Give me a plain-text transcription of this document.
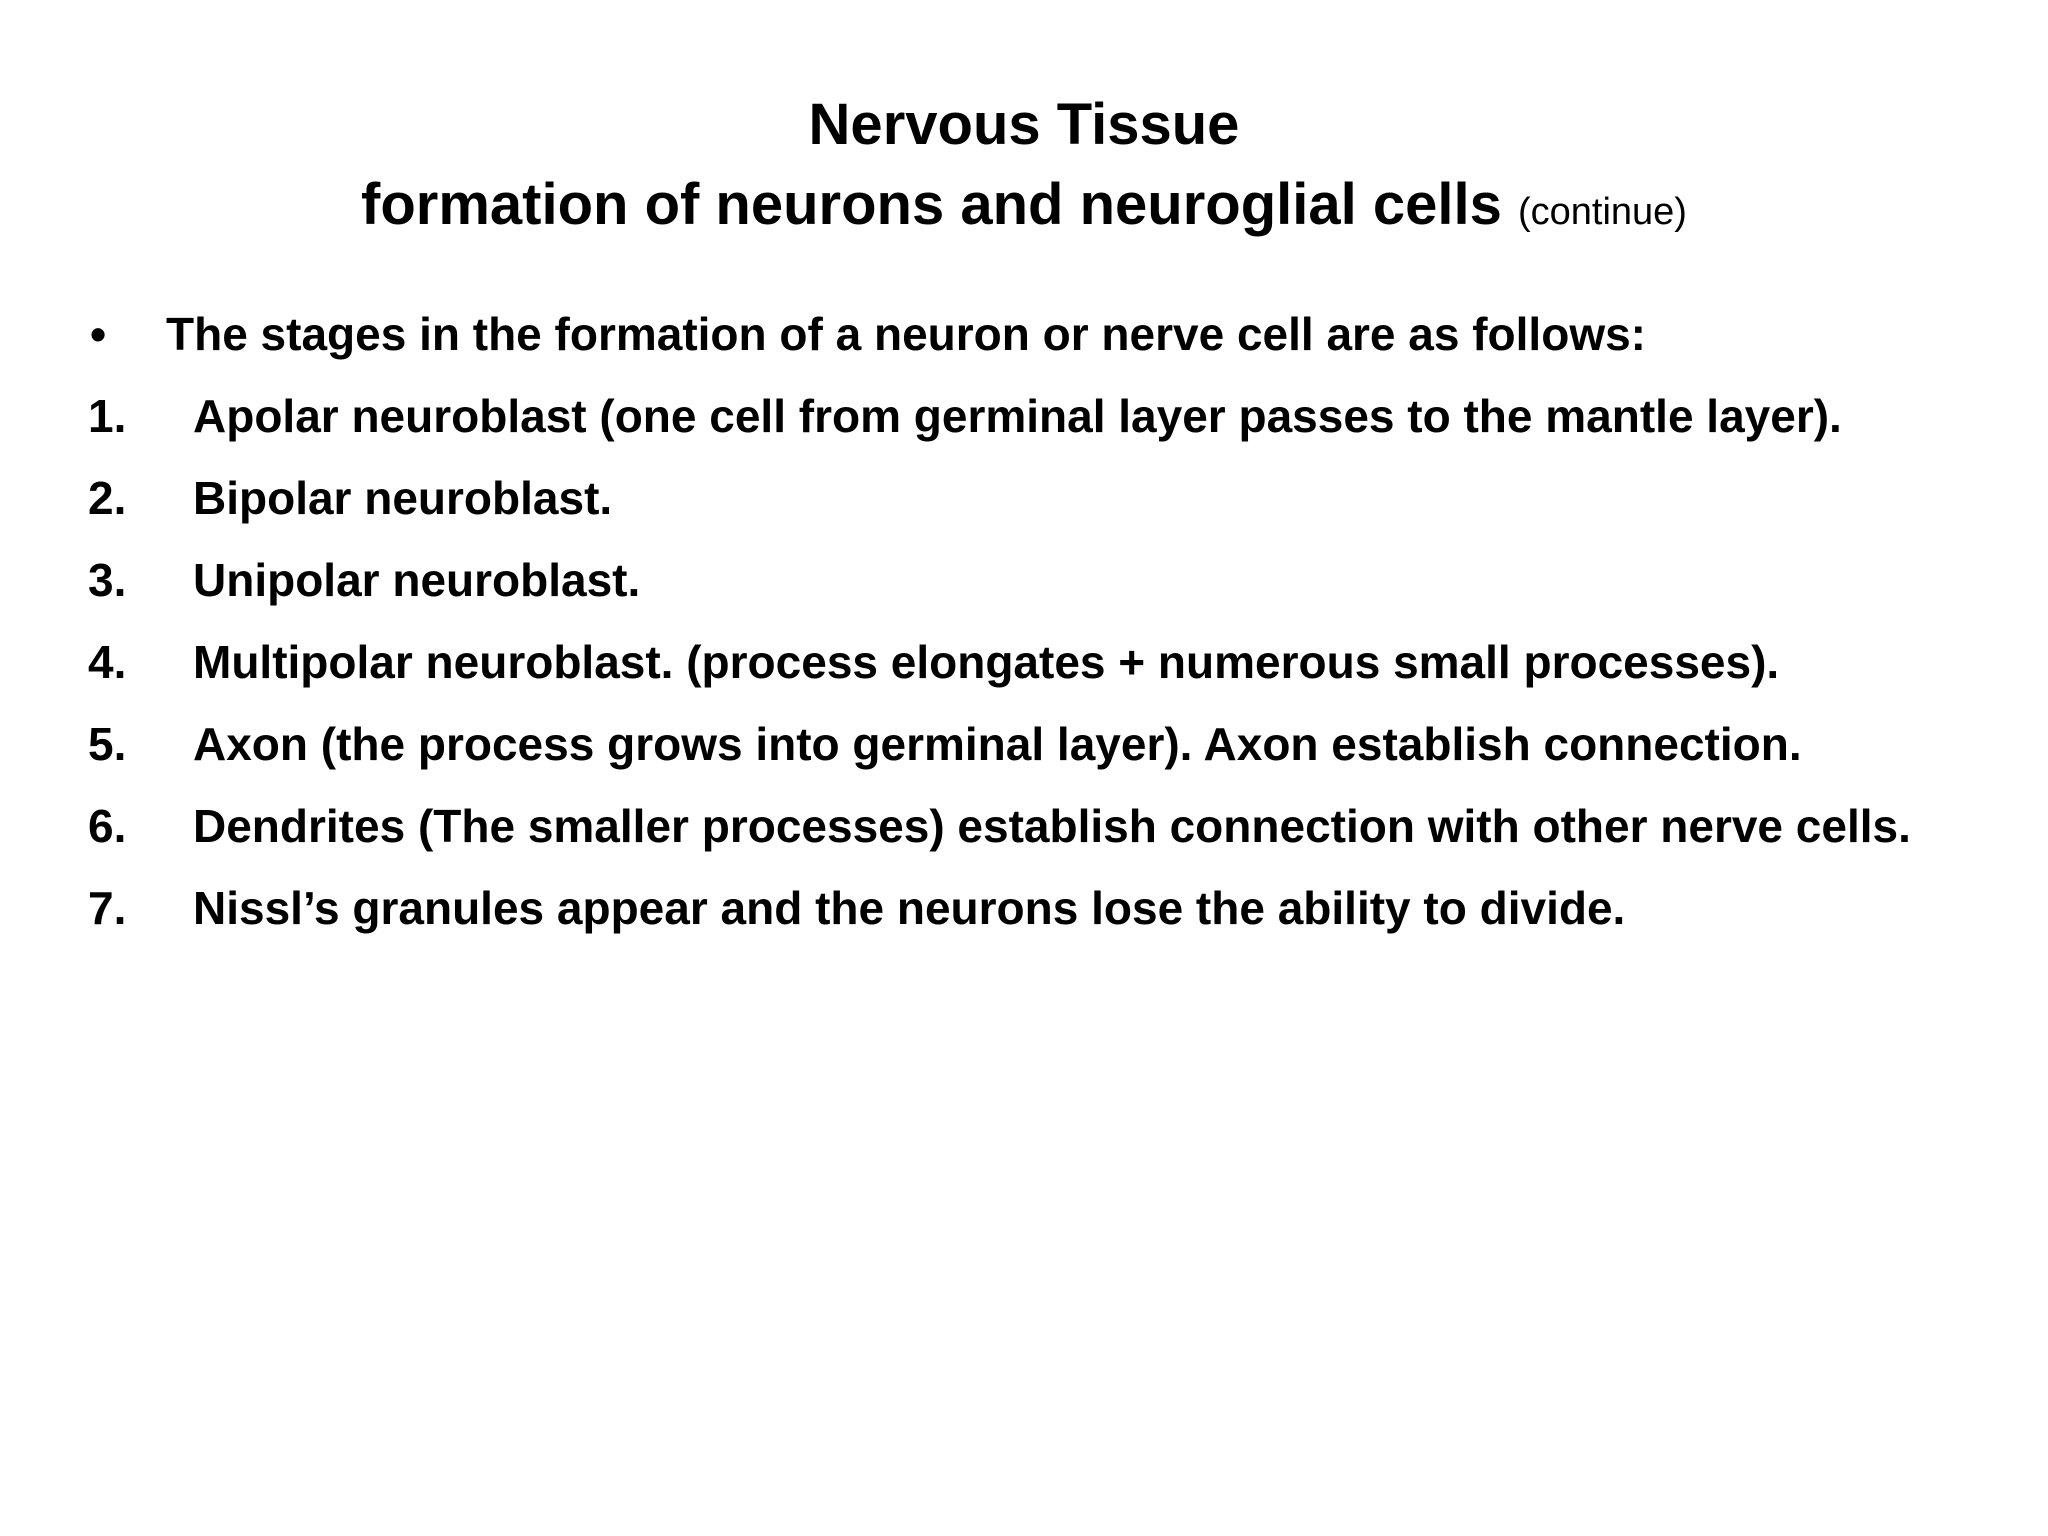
Nervous Tissue
formation of neurons and neuroglial cells (continue)
• The stages in the formation of a neuron or nerve cell are as follows:
1. Apolar neuroblast (one cell from germinal layer passes to the mantle layer).
2. Bipolar neuroblast.
3. Unipolar neuroblast.
4. Multipolar neuroblast. (process elongates + numerous small processes).
5. Axon (the process grows into germinal layer). Axon establish connection.
6. Dendrites (The smaller processes) establish connection with other nerve cells.
7. Nissl’s granules appear and the neurons lose the ability to divide.
